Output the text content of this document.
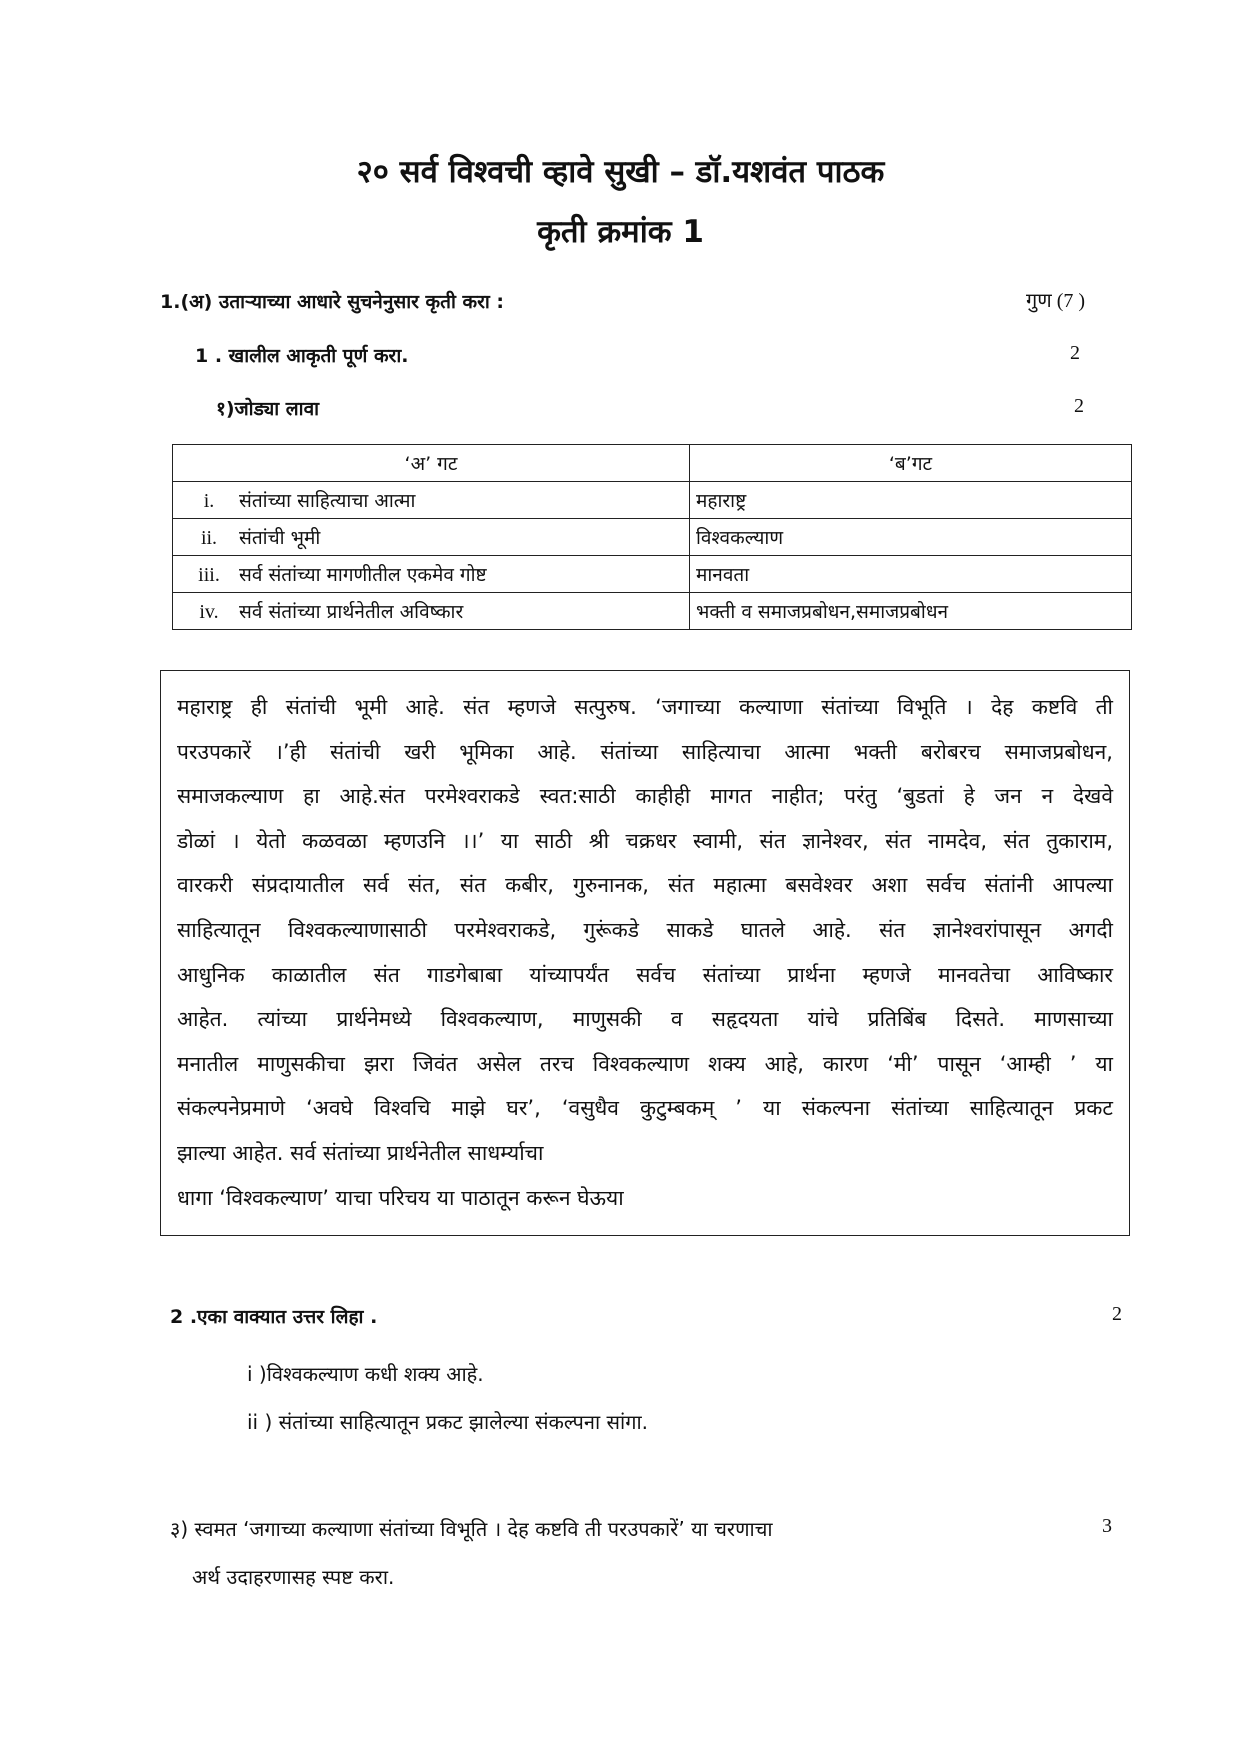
२० सर्व विश्वची व्हावे सुखी – डॉ.यशवंत पाठक
कृती क्रमांक 1
1.(अ) उताऱ्याच्या आधारे सुचनेनुसार कृती करा :	गुण (7 )
1 . खालील आकृती पूर्ण करा.	2
१)जोड्या लावा	2
‘अ’ गट	‘ब’गट
i. संतांच्या साहित्याचा आत्मा	महाराष्ट्र
ii. संतांची भूमी	विश्वकल्याण
iii. सर्व संतांच्या मागणीतील एकमेव गोष्ट	मानवता
iv. सर्व संतांच्या प्रार्थनेतील अविष्कार	भक्ती व समाजप्रबोधन,समाजप्रबोधन

महाराष्ट्र ही संतांची भूमी आहे. संत म्हणजे सत्पुरुष. ‘जगाच्या कल्याणा संतांच्या विभूति । देह कष्टवि ती

परउपकारें ।’ही संतांची खरी भूमिका आहे. संतांच्या साहित्याचा आत्मा भक्ती बरोबरच समाजप्रबोधन,

समाजकल्याण हा आहे.संत परमेश्वराकडे स्वत:साठी काहीही मागत नाहीत; परंतु ‘बुडतां हे जन न देखवे

डोळां । येतो कळवळा म्हणउनि ।।’ या साठी श्री चक्रधर स्वामी, संत ज्ञानेश्वर, संत नामदेव, संत तुकाराम,

वारकरी संप्रदायातील सर्व संत, संत कबीर, गुरुनानक, संत महात्मा बसवेश्वर अशा सर्वच संतांनी आपल्या

साहित्यातून विश्वकल्याणासाठी परमेश्वराकडे, गुरूंकडे साकडे घातले आहे. संत ज्ञानेश्वरांपासून अगदी

आधुनिक काळातील संत गाडगेबाबा यांच्यापर्यंत सर्वच संतांच्या प्रार्थना म्हणजे मानवतेचा आविष्कार

आहेत. त्यांच्या प्रार्थनेमध्ये विश्वकल्याण, माणुसकी व सहृदयता यांचे प्रतिबिंब दिसते. माणसाच्या

मनातील माणुसकीचा झरा जिवंत असेल तरच विश्वकल्याण शक्य आहे, कारण ‘मी’ पासून ‘आम्ही ’ या

संकल्पनेप्रमाणे ‘अवघे विश्वचि माझे घर’, ‘वसुधैव कुटुम्बकम् ’ या संकल्पना संतांच्या साहित्यातून प्रकट

झाल्या आहेत. सर्व संतांच्या प्रार्थनेतील साधर्म्याचा

धागा ‘विश्वकल्याण’ याचा परिचय या पाठातून करून घेऊया

2 .एका वाक्यात उत्तर लिहा .	2
i )विश्वकल्याण कधी शक्य आहे.
ii ) संतांच्या साहित्यातून प्रकट झालेल्या संकल्पना सांगा.
३) स्वमत ‘जगाच्या कल्याणा संतांच्या विभूति । देह कष्टवि ती परउपकारें’ या चरणाचा	3
अर्थ उदाहरणासह स्पष्ट करा.
